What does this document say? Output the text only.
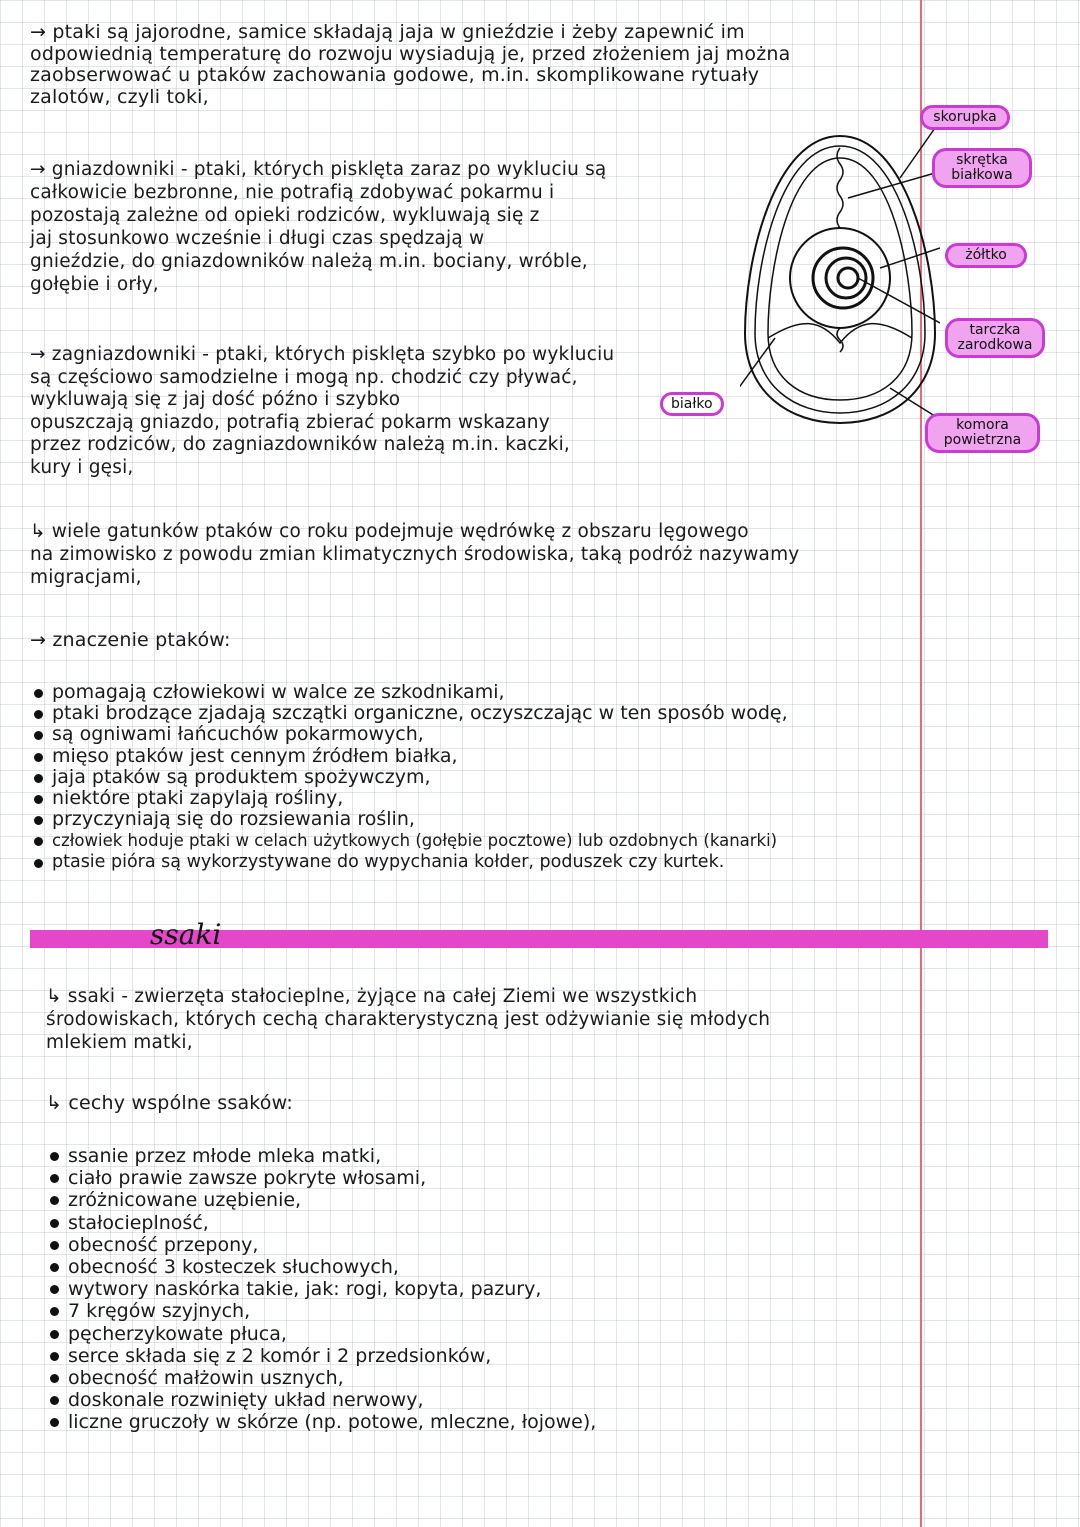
→ ptaki są jajorodne, samice składają jaja w gnieździe i żeby zapewnić im

odpowiednią temperaturę do rozwoju wysiadują je, przed złożeniem jaj można

zaobserwować u ptaków zachowania godowe, m.in. skomplikowane rytuały

zalotów, czyli toki,

→ gniazdowniki - ptaki, których pisklęta zaraz po wykluciu są

całkowicie bezbronne, nie potrafią zdobywać pokarmu i

pozostają zależne od opieki rodziców, wykluwają się z

jaj stosunkowo wcześnie i długi czas spędzają w

gnieździe, do gniazdowników należą m.in. bociany, wróble,

gołębie i orły,

→ zagniazdowniki - ptaki, których pisklęta szybko po wykluciu

są częściowo samodzielne i mogą np. chodzić czy pływać,

wykluwają się z jaj dość późno i szybko

opuszczają gniazdo, potrafią zbierać pokarm wskazany

przez rodziców, do zagniazdowników należą m.in. kaczki,

kury i gęsi,

skorupka
skrętka białkowa
żółtko
tarczka zarodkowa
białko
komora powietrzna

↳ wiele gatunków ptaków co roku podejmuje wędrówkę z obszaru lęgowego

na zimowisko z powodu zmian klimatycznych środowiska, taką podróż nazywamy

migracjami,

→ znaczenie ptaków:
pomagają człowiekowi w walce ze szkodnikami,
ptaki brodzące zjadają szczątki organiczne, oczyszczając w ten sposób wodę,
są ogniwami łańcuchów pokarmowych,
mięso ptaków jest cennym źródłem białka,
jaja ptaków są produktem spożywczym,
niektóre ptaki zapylają rośliny,
przyczyniają się do rozsiewania roślin,
człowiek hoduje ptaki w celach użytkowych (gołębie pocztowe) lub ozdobnych (kanarki)
ptasie pióra są wykorzystywane do wypychania kołder, poduszek czy kurtek.
ssaki

↳ ssaki - zwierzęta stałocieplne, żyjące na całej Ziemi we wszystkich

środowiskach, których cechą charakterystyczną jest odżywianie się młodych

mlekiem matki,

↳ cechy wspólne ssaków:
ssanie przez młode mleka matki,
ciało prawie zawsze pokryte włosami,
zróżnicowane uzębienie,
stałocieplność,
obecność przepony,
obecność 3 kosteczek słuchowych,
wytwory naskórka takie, jak: rogi, kopyta, pazury,
7 kręgów szyjnych,
pęcherzykowate płuca,
serce składa się z 2 komór i 2 przedsionków,
obecność małżowin usznych,
doskonale rozwinięty układ nerwowy,
liczne gruczoły w skórze (np. potowe, mleczne, łojowe),
